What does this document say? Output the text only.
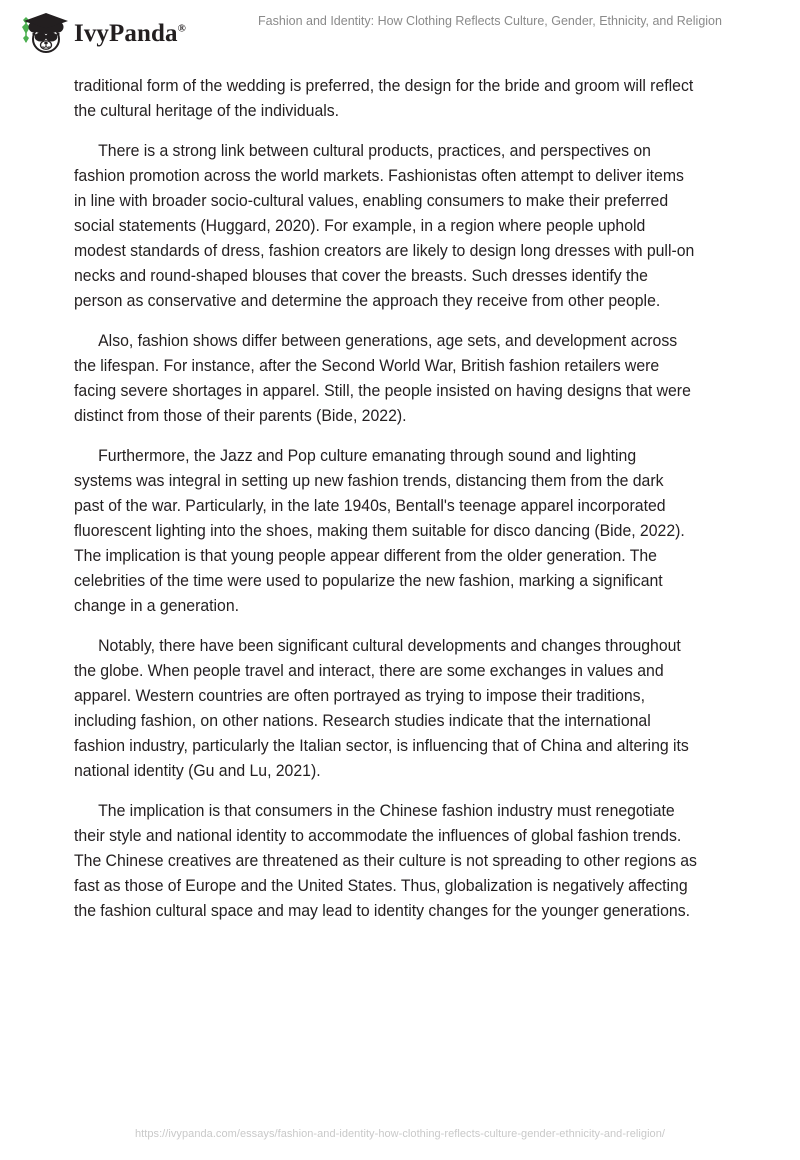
IvyPanda®
Fashion and Identity: How Clothing Reflects Culture, Gender, Ethnicity, and Religion

traditional form of the wedding is preferred, the design for the bride and groom will reflect the cultural heritage of the individuals.

There is a strong link between cultural products, practices, and perspectives on fashion promotion across the world markets. Fashionistas often attempt to deliver items in line with broader socio-cultural values, enabling consumers to make their preferred social statements (Huggard, 2020). For example, in a region where people uphold modest standards of dress, fashion creators are likely to design long dresses with pull-on necks and round-shaped blouses that cover the breasts. Such dresses identify the person as conservative and determine the approach they receive from other people.

Also, fashion shows differ between generations, age sets, and development across the lifespan. For instance, after the Second World War, British fashion retailers were facing severe shortages in apparel. Still, the people insisted on having designs that were distinct from those of their parents (Bide, 2022).

Furthermore, the Jazz and Pop culture emanating through sound and lighting systems was integral in setting up new fashion trends, distancing them from the dark past of the war. Particularly, in the late 1940s, Bentall's teenage apparel incorporated fluorescent lighting into the shoes, making them suitable for disco dancing (Bide, 2022). The implication is that young people appear different from the older generation. The celebrities of the time were used to popularize the new fashion, marking a significant change in a generation.

Notably, there have been significant cultural developments and changes throughout the globe. When people travel and interact, there are some exchanges in values and apparel. Western countries are often portrayed as trying to impose their traditions, including fashion, on other nations. Research studies indicate that the international fashion industry, particularly the Italian sector, is influencing that of China and altering its national identity (Gu and Lu, 2021).

The implication is that consumers in the Chinese fashion industry must renegotiate their style and national identity to accommodate the influences of global fashion trends. The Chinese creatives are threatened as their culture is not spreading to other regions as fast as those of Europe and the United States. Thus, globalization is negatively affecting the fashion cultural space and may lead to identity changes for the younger generations.

https://ivypanda.com/essays/fashion-and-identity-how-clothing-reflects-culture-gender-ethnicity-and-religion/
